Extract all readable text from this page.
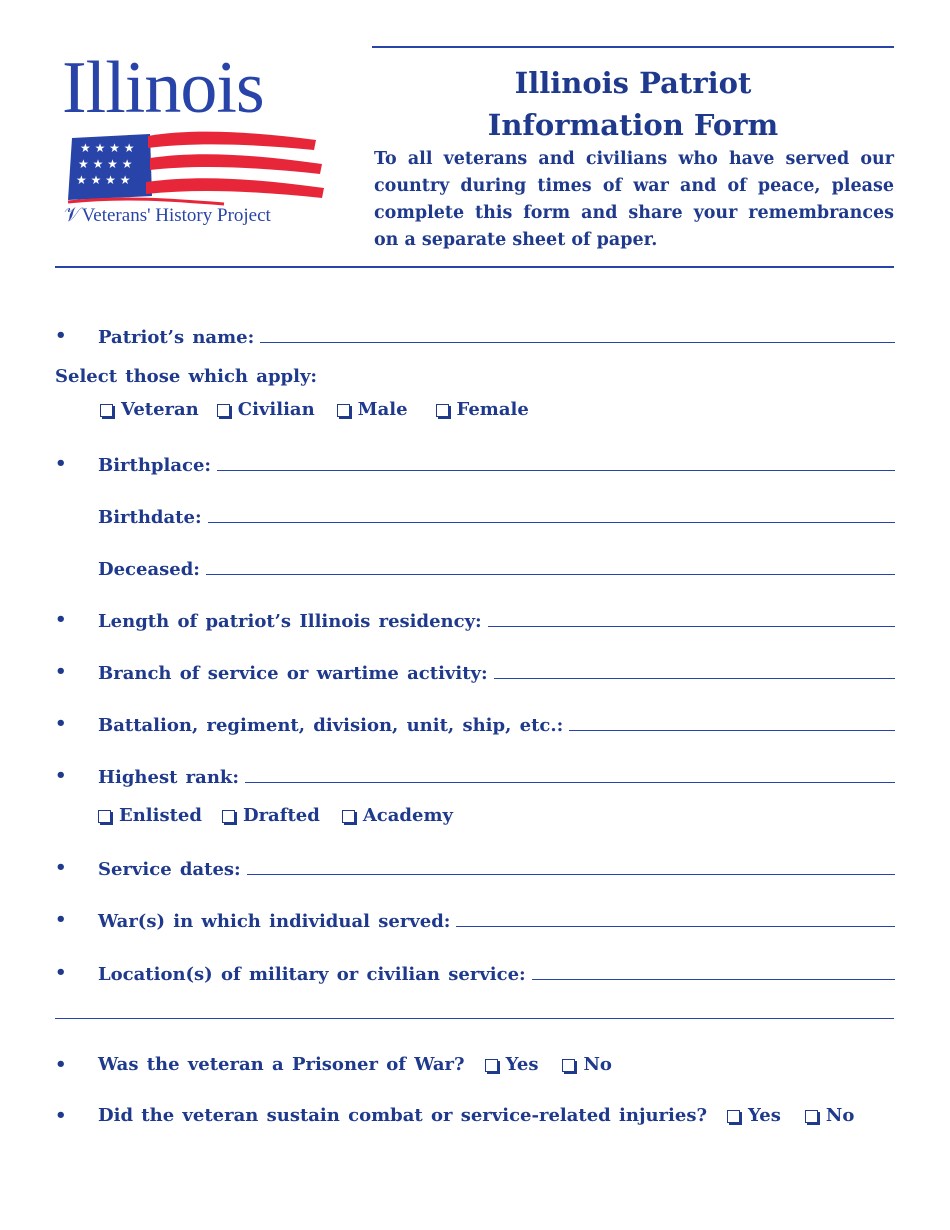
Illinois
★ ★ ★ ★
★ ★ ★ ★
★ ★ ★ ★
𝒱Veterans' History Project
Illinois Patriot
Information Form
To all veterans and civilians who have served our country during times of war and of peace, please complete this form and share your remembrances on a separate sheet of paper.
• Patriot’s name:
Select those which apply:
Veteran Civilian Male	Female
• Birthplace:
Birthdate:
Deceased:
• Length of patriot’s Illinois residency:
• Branch of service or wartime activity:
• Battalion, regiment, division, unit, ship, etc.:
• Highest rank:
Enlisted Drafted Academy
• Service dates:
• War(s) in which individual served:
• Location(s) of military or civilian service:
•	Was the veteran a Prisoner of War? Yes	No
•	Did the veteran sustain combat or service-related injuries? Yes	No
